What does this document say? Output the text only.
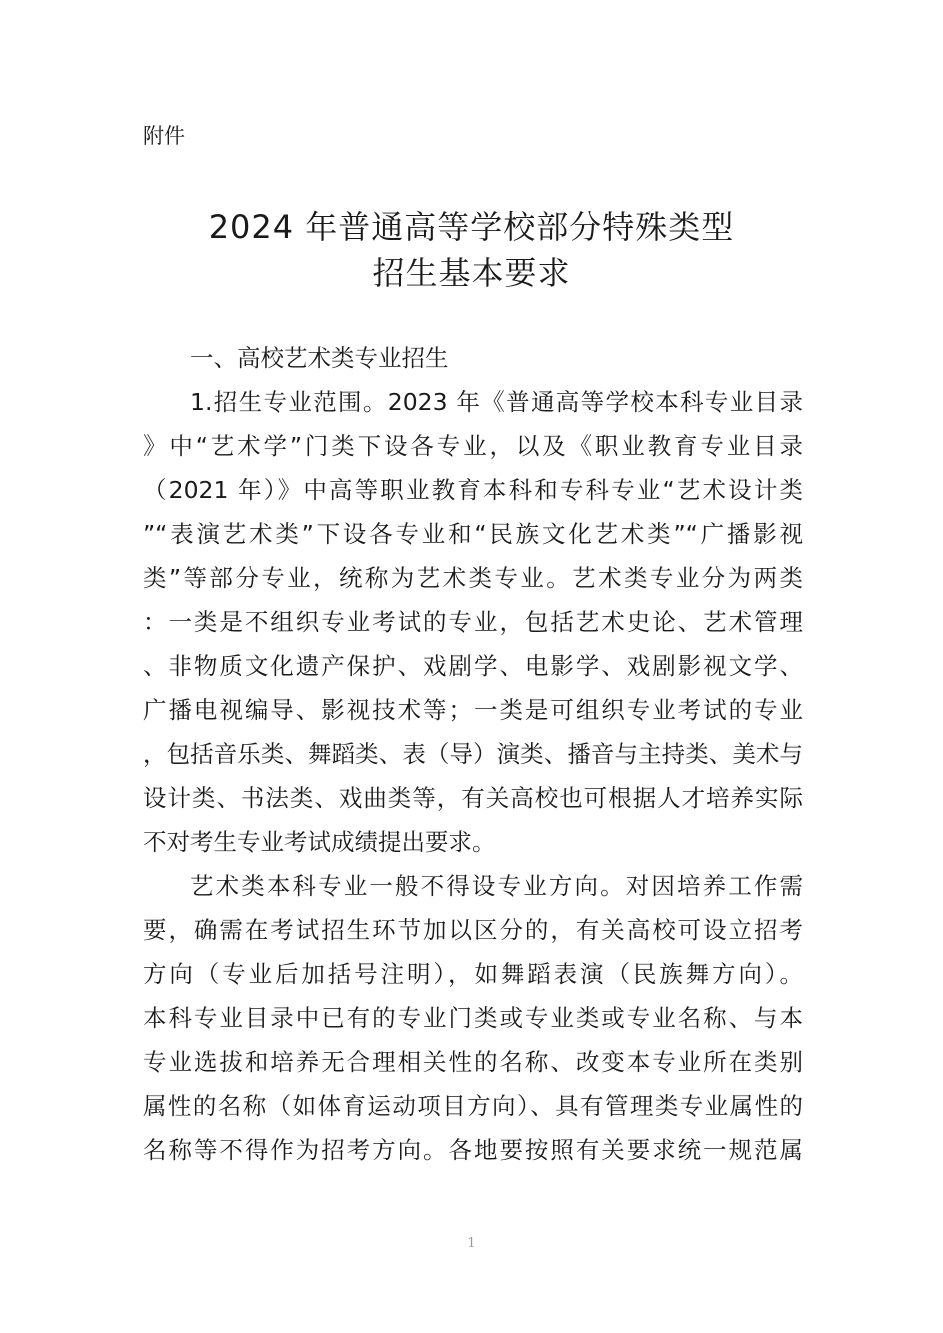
附件
2024 年普通高等学校部分特殊类型
招生基本要求
一、高校艺术类专业招生
1.招生专业范围。2023 年《普通高等学校本科专业目录
》中“艺术学”门类下设各专业，以及《职业教育专业目录
（2021 年）》中高等职业教育本科和专科专业“艺术设计类
”“表演艺术类”下设各专业和“民族文化艺术类”“广播影视
类”等部分专业，统称为艺术类专业。艺术类专业分为两类
：一类是不组织专业考试的专业，包括艺术史论、艺术管理
、非物质文化遗产保护、戏剧学、电影学、戏剧影视文学、
广播电视编导、影视技术等；一类是可组织专业考试的专业
，包括音乐类、舞蹈类、表（导）演类、播音与主持类、美术与
设计类、书法类、戏曲类等，有关高校也可根据人才培养实际
不对考生专业考试成绩提出要求。
艺术类本科专业一般不得设专业方向。对因培养工作需
要，确需在考试招生环节加以区分的，有关高校可设立招考
方向（专业后加括号注明），如舞蹈表演（民族舞方向）。
本科专业目录中已有的专业门类或专业类或专业名称、与本
专业选拔和培养无合理相关性的名称、改变本专业所在类别
属性的名称（如体育运动项目方向）、具有管理类专业属性的
名称等不得作为招考方向。各地要按照有关要求统一规范属
1
